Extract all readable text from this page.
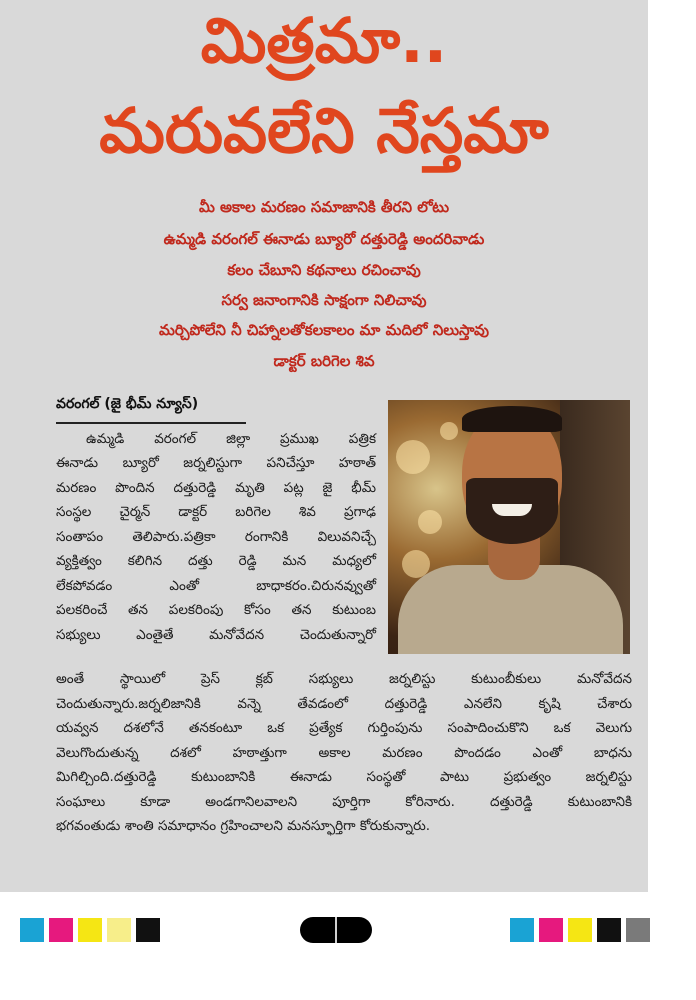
మిత్రమా..
మరువలేని నేస్తమా
మీ అకాల మరణం సమాజానికి తీరని లోటు
ఉమ్మడి వరంగల్ ఈనాడు బ్యూరో దత్తురెడ్డి అందరివాడు
కలం చేబూని కథనాలు రచించావు
సర్వ జనాంగానికి సాక్షంగా నిలిచావు
మర్చిపోలేని నీ చిహ్నాలతోకలకాలం మా మదిలో నిలుస్తావు
డాక్టర్ బరిగెల శివ
వరంగల్ (జై భీమ్ న్యూస్)
ఉమ్మడి వరంగల్ జిల్లా ప్రముఖ పత్రిక
ఈనాడు బ్యూరో జర్నలిస్టుగా పనిచేస్తూ హఠాత్
మరణం పొందిన దత్తురెడ్డి మృతి పట్ల జై భీమ్
సంస్థల చైర్మన్ డాక్టర్ బరిగెల శివ ప్రగాఢ
సంతాపం తెలిపారు.పత్రికా రంగానికి విలువనిచ్చే
వ్యక్తిత్వం కలిగిన దత్తు రెడ్డి మన మధ్యలో
లేకపోవడం ఎంతో బాధాకరం.చిరునవ్వుతో
పలకరించే తన పలకరింపు కోసం తన కుటుంబ
సభ్యులు ఎంతైతే మనోవేదన చెందుతున్నారో
అంతే స్థాయిలో ప్రెస్ క్లబ్ సభ్యులు జర్నలిస్టు కుటుంబీకులు మనోవేదన
చెందుతున్నారు.జర్నలిజానికి వన్నె తేవడంలో దత్తురెడ్డి ఎనలేని కృషి చేశారు
యవ్వన దశలోనే తనకంటూ ఒక ప్రత్యేక గుర్తింపును సంపాదించుకొని ఒక వెలుగు
వెలుగొందుతున్న దశలో హఠాత్తుగా అకాల మరణం పొందడం ఎంతో బాధను
మిగిల్చింది.దత్తురెడ్డి కుటుంబానికి ఈనాడు సంస్థతో పాటు ప్రభుత్వం జర్నలిస్టు
సంఘాలు కూడా అండగానిలవాలని పూర్తిగా కోరినారు. దత్తురెడ్డి కుటుంబానికి
భగవంతుడు శాంతి సమాధానం గ్రహించాలని మనస్ఫూర్తిగా కోరుకున్నారు.
